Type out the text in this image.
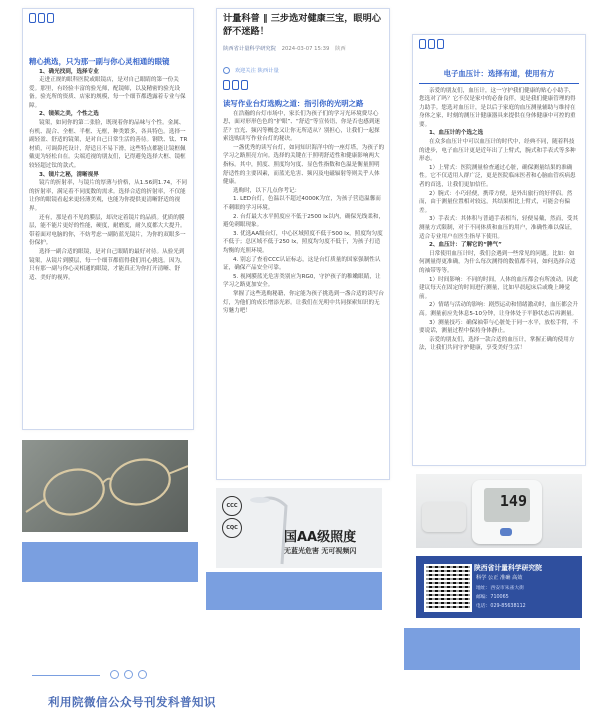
精心挑选，只为那一副与你心灵相通的眼镜

1、确光找到，选择专业

走进正规的眼科医院或眼镜店，是对自己眼睛的第一份关爱。那里，有经验丰富的验光师，配镜师，以及精密的验光设备。验光所的资质、店家的规模，每一个细节都透露着专业与保障。

2、镜架之美，个性之选

镜架，如同你的第二张脸，既现着你的品味与个性。金属、有机、混合、全框、半框、无框，种类繁多，各具特色。选择一副轻盈、舒适的镜架，是对自己日常生活的善待。钢铁、钛、TR材质，可调鼻托设计，舒适且不易下滑，这些特点都能让镜框佩戴更为轻松自在。尖端近视的朋友们，记得避免选择大框、镜框较轻超过钛的款式。

3、镜片之秘，清晰视界

镜片的折射率，与镜片的厚薄与价格，从1.56到1.74，不同的折射率，满足着不同度数的需求。选择合适的折射率，不仅能让你的眼镜看起来更轻薄美观，也能为你提供更清晰舒适的视界。

还有，那是看不见的膜层，却决定着镜片的品质。优质的膜层，能不能片更好的性能，硬度，耐磨度，耐久度都大大提升。带着面对电脑的你，不妨考虑一副防蓝光镜片，为你的双眼多一份保护。

选择一副合适的眼镜，是对自己眼睛的最好对待。从验光到镜架，从镜片到膜层，每一个细节都值得我们用心挑选。因为，只有那一副与你心灵相通的眼镜，才能真正为你打开清晰、舒适、美好的视界。

计量科普 ‖ 三步选对健康三宝，眼明心舒不迷路！

陕西省计量科学研究院 2024-03-07 15:39 陕西
欢迎关注 陕西计量

读写作业台灯选购之道：指引你的光明之路

在浩瀚的台灯市场中，家长们为孩子们的学习光环境费尽心思，面对形形色色的“护眼”、“舒适”等宣传语，你是否也感到迷茫？宜光、频闪等概念又让你无所适从？别担心，让我们一起探索选购读写作业台灯的秘诀。

一盏优秀的读写台灯，如同知识海洋中的一座灯塔，为孩子的学习之路照亮方向。选择的关键在于照明舒适性和健康影响两大指标。其中，照度、照度均匀度、显色性指数和色温是衡量照明舒适性的主要因素，而蓝光危害、频闪及电磁辐射等则关乎人体健康。

选购时，以下几点你考记：

1. LED台灯，色温以不超过4000K为宜，为孩子营造温馨而不刺眼的学习环境。

2. 台灯最大水平照度应不低于2500 lx以内，确保光线柔和，避免刺眼现象。

3. 优选AA级台灯，中心区域照度不低于500 lx，照度均匀度不低于；总区域不低于250 lx，照度均匀度不低于，为孩子打造均衡的光照环境。

4. 别忘了查看CCC认证标志，这是台灯质量的国家强制性认证，确保产品安全可靠。

5. 视网膜蓝光危害类别应为RG0，守护孩子的稚嫩眼睛，让学习之路更加安全。

掌握了这些选购秘籍，你定能为孩子挑选到一盏合适的读写台灯，为他们的成长增添光彩。让我们在光明中共同探索知识的无穷魅力吧！

CCC
CQC
国AA级照度
无蓝光危害 无可视频闪

电子血压计：选择有道，使用有方

亲爱的朋友们，血压计，这一守护我们健康的贴心小助手，您选对了吗？它不仅是家中的必备良伴，更是我们健康管理的得力助手。您选对血压计，是以后于家庭的血压测量辅助与维持在身体之家，时刻的测压计健康器具来提供在身体健康中可控的重要。

1、血压计的个选之选

在众多血压计中可以血压计的时代中，经典不同，随着科技的进步，电子血压计更是近年出了上臂式，腕式和手表式等多种形态。

1）上臂式：医院测量检查通过心脏，确保测量结果的准确性。它不仅适用人群广泛，更是医院临床医者和心脑血管疾病患者的首选，让我们更加信任。

2）腕式：小巧轻便，携带方便，是外出旅行的好伴侣。然而，由于测量位置相对较远，其结果相比上臂式，可能会有偏差。

3）手表式：其体积与普通手表相当，轻便易戴，然而，受其测量方式限制，对于不同体质和血压的用户，准确性难以保证，适合专业用户在医生指导下使用。

2、血压计：了解它的“脾气”

日常使用血压计时，我们会遇到一些常见的问题。比如：如何测量得更准确，为什么每次测得的数值都不同，如何选择合适的袖带等等。

1）时间影响：不同的时间，人体的血压都会有所波动。因此建议每天在固定的时间进行测量，比如早晨起床后或晚上睡觉前。

2）情绪与活动的影响：剧烈运动和情绪激动时，血压都会升高。测量前应先休息5-10分钟，让身体处于平静状态后再测量。

3）测量技巧：确保袖带与心脏处于同一水平，放松手臂，不要说话，测量过程中保持身体静止。

亲爱的朋友们，选择一款合适的血压计，掌握正确的使用方法，让我们共同守护健康，享受美好生活！

149
陕西省计量科学研究院
科学 公正 准确 高效
地址：西安市朱雀大街
邮编：710065
电话：029-85638112
利用院微信公众号刊发科普知识
